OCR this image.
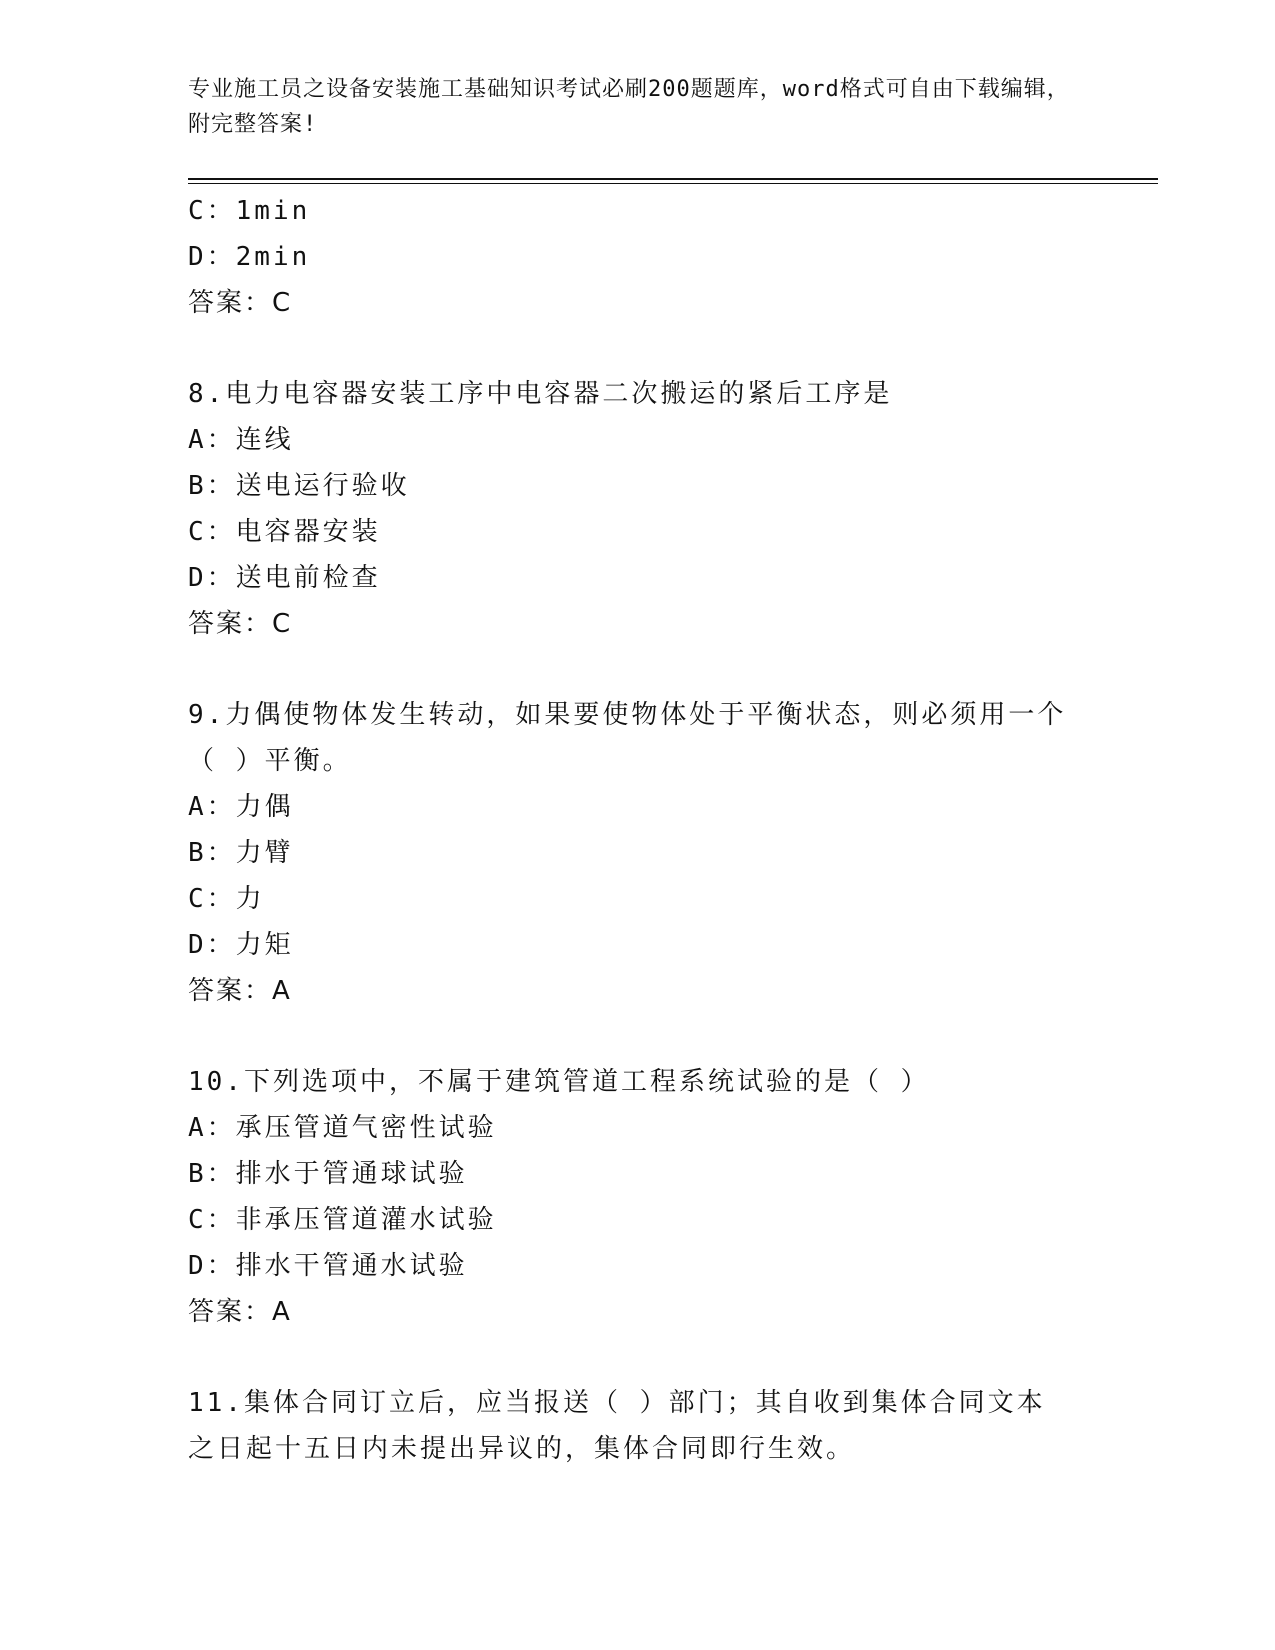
专业施工员之设备安装施工基础知识考试必刷200题题库，word格式可自由下载编辑，附完整答案!
C：1min
D：2min
答案：C
8.电力电容器安装工序中电容器二次搬运的紧后工序是
A：连线
B：送电运行验收
C：电容器安装
D：送电前检查
答案：C
9.力偶使物体发生转动，如果要使物体处于平衡状态，则必须用一个（ ）平衡。
A：力偶
B：力臂
C：力
D：力矩
答案：A
10.下列选项中，不属于建筑管道工程系统试验的是（ ）
A：承压管道气密性试验
B：排水于管通球试验
C：非承压管道灌水试验
D：排水干管通水试验
答案：A
11.集体合同订立后，应当报送（ ）部门；其自收到集体合同文本之日起十五日内未提出异议的，集体合同即行生效。
